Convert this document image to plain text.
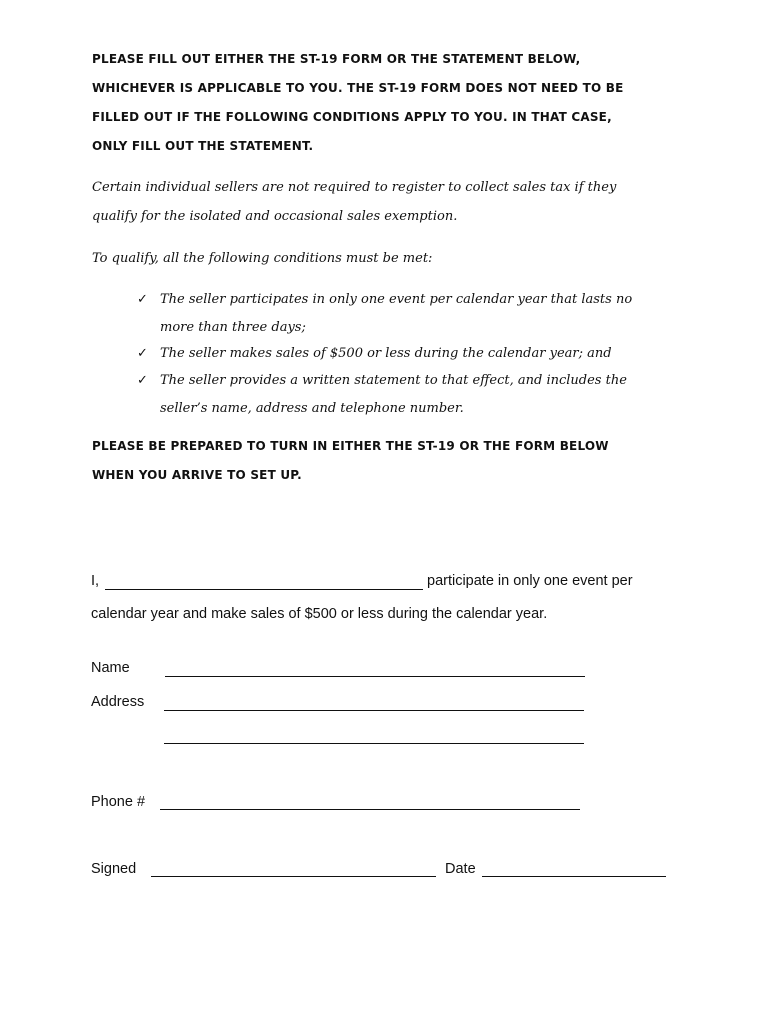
PLEASE FILL OUT EITHER THE ST-19 FORM OR THE STATEMENT BELOW,
WHICHEVER IS APPLICABLE TO YOU. THE ST-19 FORM DOES NOT NEED TO BE
FILLED OUT IF THE FOLLOWING CONDITIONS APPLY TO YOU. IN THAT CASE,
ONLY FILL OUT THE STATEMENT.
Certain individual sellers are not required to register to collect sales tax if they
qualify for the isolated and occasional sales exemption.
To qualify, all the following conditions must be met:
✓ The seller participates in only one event per calendar year that lasts no
more than three days;
✓ The seller makes sales of $500 or less during the calendar year; and
✓ The seller provides a written statement to that effect, and includes the
seller’s name, address and telephone number.
PLEASE BE PREPARED TO TURN IN EITHER THE ST-19 OR THE FORM BELOW
WHEN YOU ARRIVE TO SET UP.
I,	participate in only one event per
calendar year and make sales of $500 or less during the calendar year.
Name
Address
Phone #
Signed	Date
